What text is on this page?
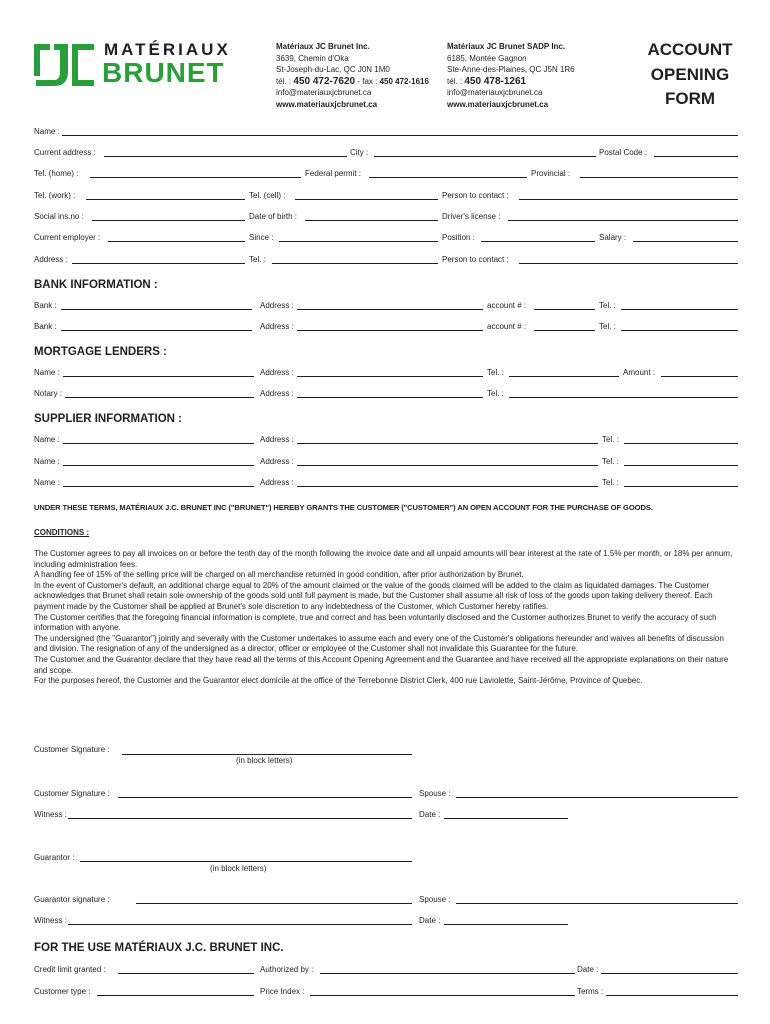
MATÉRIAUX
BRUNET
Matériaux JC Brunet Inc.
3639, Chemin d'Oka
St-Joseph-du-Lac, QC J0N 1M0
tél. : 450 472-7620 - fax : 450 472-1616
info@materiauxjcbrunet.ca
www.materiauxjcbrunet.ca
Matériaux JC Brunet SADP Inc.
6185, Montée Gagnon
Ste-Anne-des-Plaines, QC J5N 1R6
tél. : 450 478-1261
info@materiauxjcbrunet.ca
www.materiauxjcbrunet.ca
ACCOUNT
OPENING
FORM
Name :
Current address :	City :	Postal Code :
Tel. (home) :	Federal permit :	Provincial :
Tel. (work) :	Tel. (cell) :	Person to contact :
Social ins.no :	Date of birth :	Driver's license :
Current employer :	Since :	Position :	Salary :
Address :	Tel. :	Person to contact :
BANK INFORMATION :
Bank :	Address :	account # :	Tel. :
Bank :	Address :	account # :	Tel. :
MORTGAGE LENDERS :
Name :	Address :	Tel. :	Amount :
Notary :	Address :	Tel. :
SUPPLIER INFORMATION :
Name :	Address :	Tel. :
Name :	Address :	Tel. :
Name :	Address :	Tel. :
UNDER THESE TERMS, MATÉRIAUX J.C. BRUNET INC ("BRUNET") HEREBY GRANTS THE CUSTOMER ("CUSTOMER") AN OPEN ACCOUNT FOR THE PURCHASE OF GOODS.
CONDITIONS :

The Customer agrees to pay all invoices on or before the tenth day of the month following the invoice date and all unpaid amounts will bear interest at the rate of 1.5% per month, or 18% per annum, including administration fees.

A handling fee of 15% of the selling price will be charged on all merchandise returned in good condition, after prior authorization by Brunet.

In the event of Customer's default, an additional charge equal to 20% of the amount claimed or the value of the goods claimed will be added to the claim as liquidated damages. The Customer acknowledges that Brunet shall retain sole ownership of the goods sold until full payment is made, but the Customer shall assume all risk of loss of the goods upon taking delivery thereof. Each payment made by the Customer shall be applied at Brunet's sole discretion to any indebtedness of the Customer, which Customer hereby ratifies.

The Customer certifies that the foregoing financial information is complete, true and correct and has been voluntarily disclosed and the Customer authorizes Brunet to verify the accuracy of such information with anyone.

The undersigned (the "Guarantor") jointly and severally with the Customer undertakes to assume each and every one of the Customer's obligations hereunder and waives all benefits of discussion and division. The resignation of any of the undersigned as a director, officer or employee of the Customer shall not invalidate this Guarantee for the future.

The Customer and the Guarantor declare that they have read all the terms of this Account Opening Agreement and the Guarantee and have received all the appropriate explanations on their nature and scope.

For the purposes hereof, the Customer and the Guarantor elect domicile at the office of the Terrebonne District Clerk, 400 rue Laviolette, Saint-Jérôme, Province of Quebec.

Customer Signature :
(in block letters)
Customer Signature :	Spouse :
Witness :	Date :
Guarantor :
(in block letters)
Guarantor signature :	Spouse :
Witness :	Date :
FOR THE USE MATÉRIAUX J.C. BRUNET INC.
Credit limit granted :	Authorized by :	Date :
Customer type :	Price Index :	Terms :
